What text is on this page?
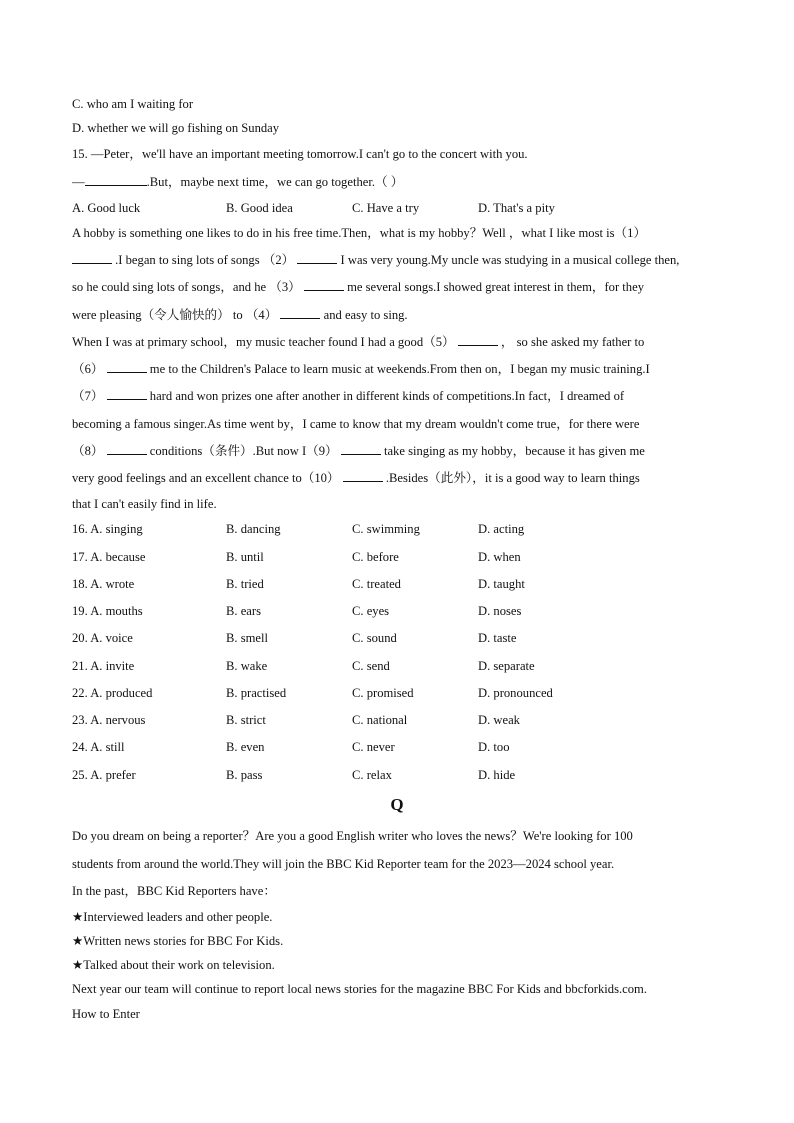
C. who am I waiting for
D. whether we will go fishing on Sunday
15. —Peter，we'll have an important meeting tomorrow.I can't go to the concert with you.
—	.But，maybe next time，we can go together.（ ）
A. Good luck	B. Good idea	C. Have a try	D. That's a pity
A hobby is something one likes to do in his free time.Then，what is my hobby？Well ，what I like most is（1）
.I began to sing lots of songs （2）	I was very young.My uncle was studying in a musical college then,
so he could sing lots of songs，and he （3）	me several songs.I showed great interest in them，for they
were pleasing（令人愉快的） to （4）	and easy to sing.
When I was at primary school，my music teacher found I had a good（5）	， so she asked my father to
（6）	me to the Children's Palace to learn music at weekends.From then on，I began my music training.I
（7）	hard and won prizes one after another in different kinds of competitions.In fact，I dreamed of
becoming a famous singer.As time went by，I came to know that my dream wouldn't come true，for there were
（8）	conditions（条件）.But now I（9）	take singing as my hobby，because it has given me
very good feelings and an excellent chance to（10）	.Besides（此外），it is a good way to learn things
that I can't easily find in life.
16. A. singing	B. dancing	C. swimming	D. acting
17. A. because	B. until	C. before	D. when
18. A. wrote	B. tried	C. treated	D. taught
19. A. mouths	B. ears	C. eyes	D. noses
20. A. voice	B. smell	C. sound	D. taste
21. A. invite	B. wake	C. send	D. separate
22. A. produced	B. practised	C. promised	D. pronounced
23. A. nervous	B. strict	C. national	D. weak
24. A. still	B. even	C. never	D. too
25. A. prefer	B. pass	C. relax	D. hide
Q
Do you dream on being a reporter？Are you a good English writer who loves the news？We're looking for 100
students from around the world.They will join the BBC Kid Reporter team for the 2023—2024 school year.
In the past，BBC Kid Reporters have：
★Interviewed leaders and other people.
★Written news stories for BBC For Kids.
★Talked about their work on television.
Next year our team will continue to report local news stories for the magazine BBC For Kids and bbcforkids.com.
How to Enter
